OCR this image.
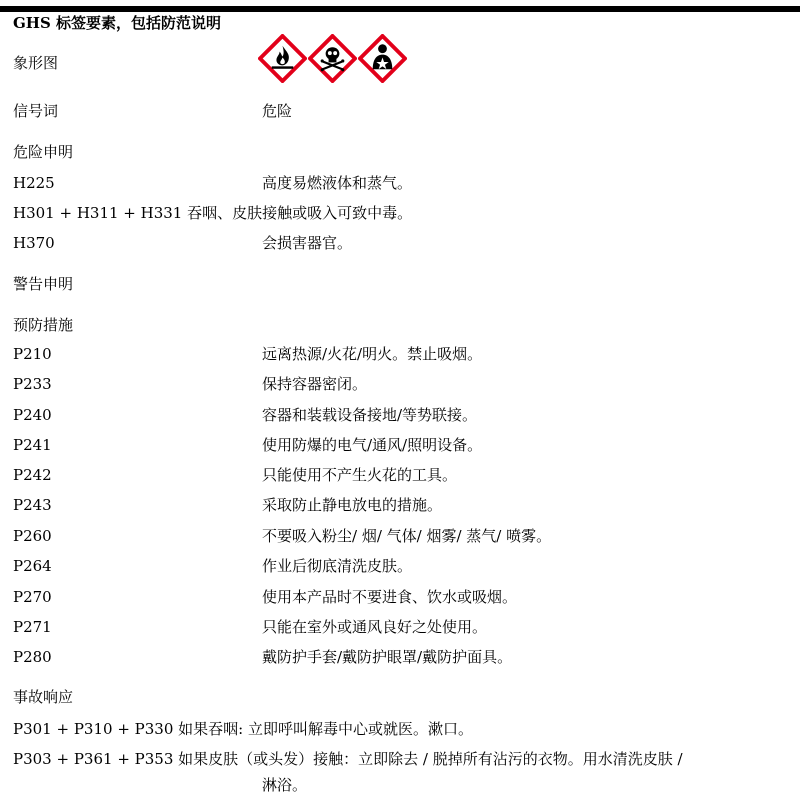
GHS 标签要素，包括防范说明
象形图
信号词	危险
危险申明
H225	高度易燃液体和蒸气。
H301 + H311 + H331 吞咽、皮肤接触或吸入可致中毒。
H370	会损害器官。
警告申明
预防措施
P210	远离热源/火花/明火。禁止吸烟。
P233	保持容器密闭。
P240	容器和装载设备接地/等势联接。
P241	使用防爆的电气/通风/照明设备。
P242	只能使用不产生火花的工具。
P243	采取防止静电放电的措施。
P260	不要吸入粉尘/ 烟/ 气体/ 烟雾/ 蒸气/ 喷雾。
P264	作业后彻底清洗皮肤。
P270	使用本产品时不要进食、饮水或吸烟。
P271	只能在室外或通风良好之处使用。
P280	戴防护手套/戴防护眼罩/戴防护面具。
事故响应
P301 + P310 + P330 如果吞咽: 立即呼叫解毒中心或就医。漱口。
P303 + P361 + P353 如果皮肤（或头发）接触：立即除去 / 脱掉所有沾污的衣物。用水清洗皮肤 /
淋浴。
